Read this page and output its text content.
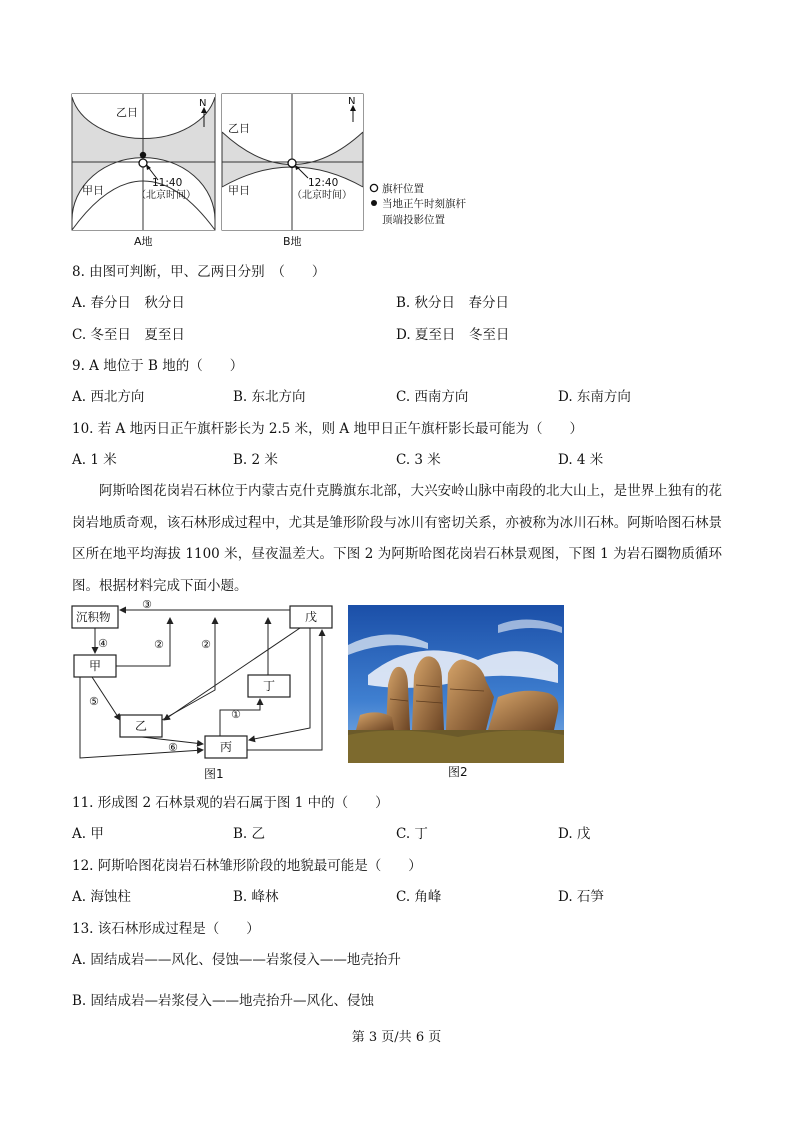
N
乙日
甲日
11:40
（北京时间）
A地
N
乙日
甲日
12:40
（北京时间）
B地
旗杆位置
当地正午时刻旗杆
顶端投影位置
8. 由图可判断，甲、乙两日分别　（　　）
A. 春分日　秋分日	B. 秋分日　春分日
C. 冬至日　夏至日	D. 夏至日　冬至日
9. A 地位于 B 地的（　　）
A. 西北方向	B. 东北方向	C. 西南方向	D. 东南方向
10. 若 A 地丙日正午旗杆影长为 2.5 米，则 A 地甲日正午旗杆影长最可能为（　　）
A. 1 米	B. 2 米	C. 3 米	D. 4 米

阿斯哈图花岗岩石林位于内蒙古克什克腾旗东北部，大兴安岭山脉中南段的北大山上，是世界上独有的花岗岩地质奇观，该石林形成过程中，尤其是雏形阶段与冰川有密切关系，亦被称为冰川石林。阿斯哈图石林景区所在地平均海拔 1100 米，昼夜温差大。下图 2 为阿斯哈图花岗岩石林景观图，下图 1 为岩石圈物质循环图。根据材料完成下面小题。

沉积物
甲
乙
丙
丁
戊
③
④	②	②
⑤
⑥
①
图1	图2
11. 形成图 2 石林景观的岩石属于图 1 中的（　　）
A. 甲	B. 乙	C. 丁	D. 戊
12. 阿斯哈图花岗岩石林雏形阶段的地貌最可能是（　　）
A. 海蚀柱	B. 峰林	C. 角峰	D. 石笋
13. 该石林形成过程是（　　）
A. 固结成岩——风化、侵蚀——岩浆侵入——地壳抬升
B. 固结成岩—岩浆侵入——地壳抬升—风化、侵蚀
第 3 页/共 6 页
